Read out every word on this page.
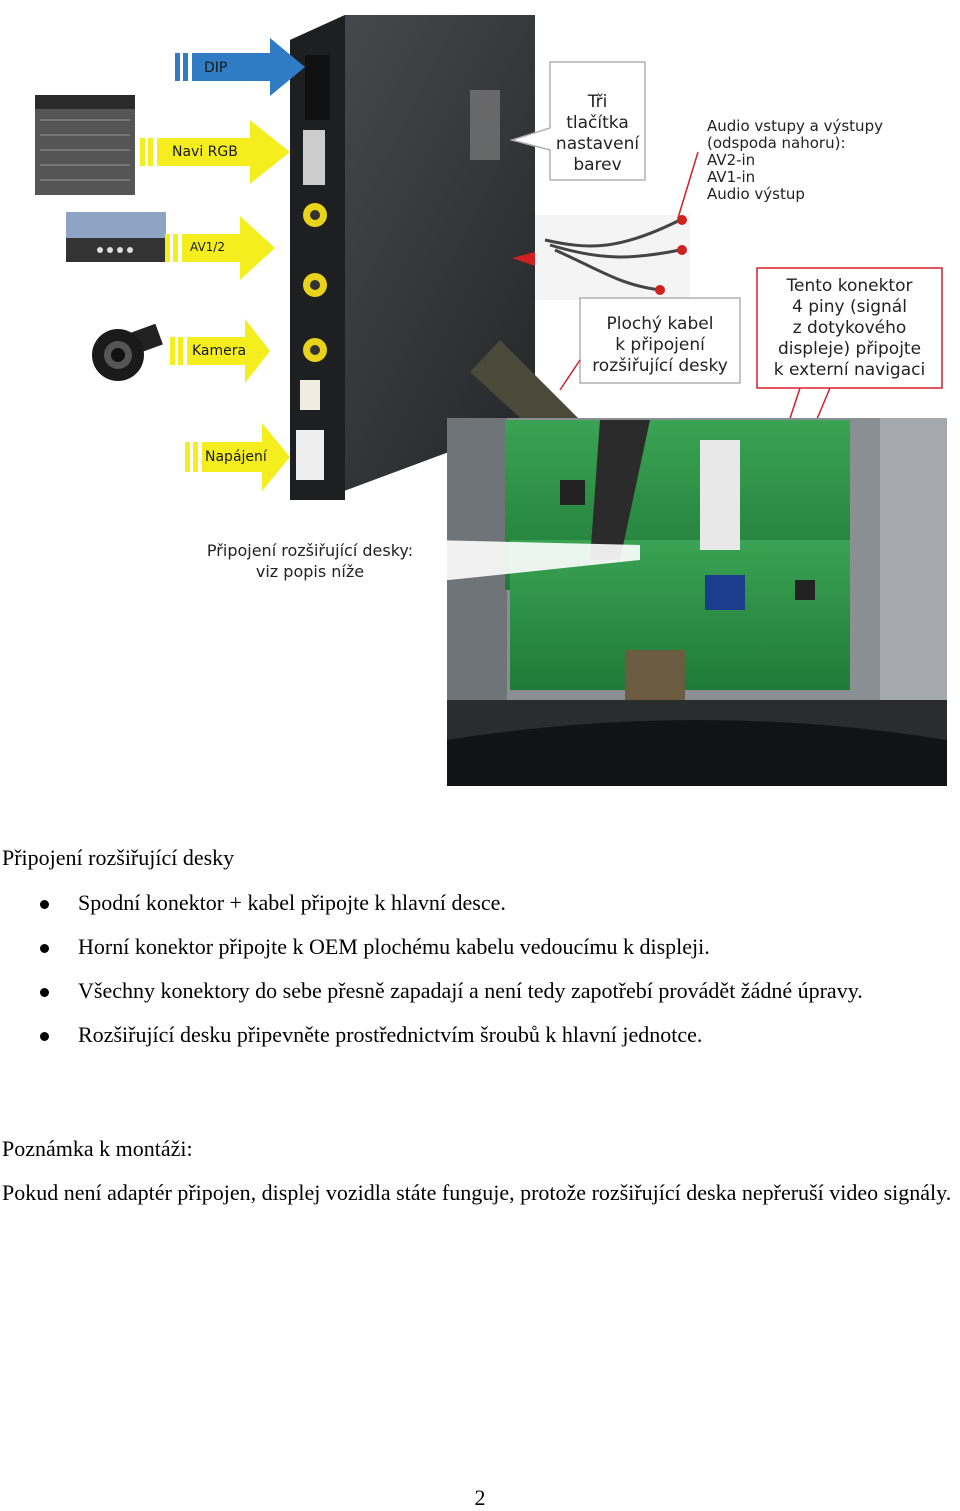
DIP
Navi RGB
AV1/2
Kamera
Napájení
Tři
tlačítka
nastavení
barev
Audio vstupy a výstupy
(odspoda nahoru):
AV2-in
AV1-in
Audio výstup
Plochý kabel
k připojení
rozšiřující desky
Tento konektor
4 piny (signál
z dotykového
displeje) připojte
k externí navigaci
Připojení rozšiřující desky:
viz popis níže
Připojení rozšiřující desky
Spodní konektor + kabel připojte k hlavní desce.
Horní konektor připojte k OEM plochému kabelu vedoucímu k displeji.
Všechny konektory do sebe přesně zapadají a není tedy zapotřebí provádět žádné úpravy.
Rozšiřující desku připevněte prostřednictvím šroubů k hlavní jednotce.
Poznámka k montáži:
Pokud není adaptér připojen, displej vozidla státe funguje, protože rozšiřující deska nepřeruší video signály.
2
